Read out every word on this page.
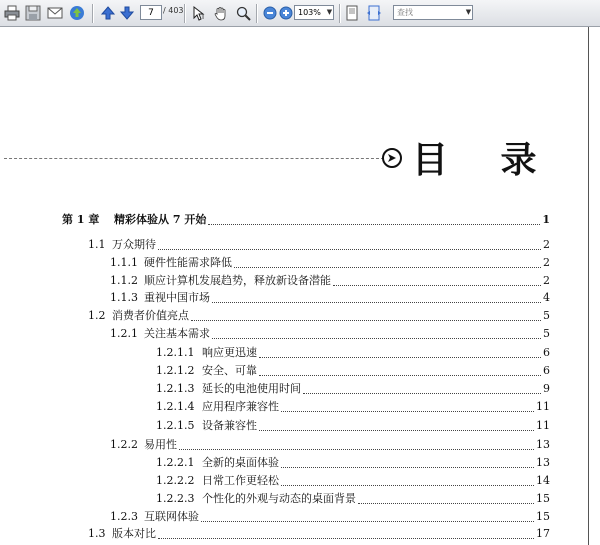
7
/ 403
I	103% ▼
查找	▼
目 录
第 1 章	精彩体验从 7 开始	1
1.1 万众期待	2
1.1.1 硬件性能需求降低	2
1.1.2 顺应计算机发展趋势，释放新设备潜能	2
1.1.3 重视中国市场	4
1.2 消费者价值亮点	5
1.2.1 关注基本需求	5
1.2.1.1 响应更迅速	6
1.2.1.2 安全、可靠	6
1.2.1.3 延长的电池使用时间	9
1.2.1.4 应用程序兼容性	11
1.2.1.5 设备兼容性	11
1.2.2 易用性	13
1.2.2.1 全新的桌面体验	13
1.2.2.2 日常工作更轻松	14
1.2.2.3 个性化的外观与动态的桌面背景	15
1.2.3 互联网体验	15
1.3 版本对比	17
